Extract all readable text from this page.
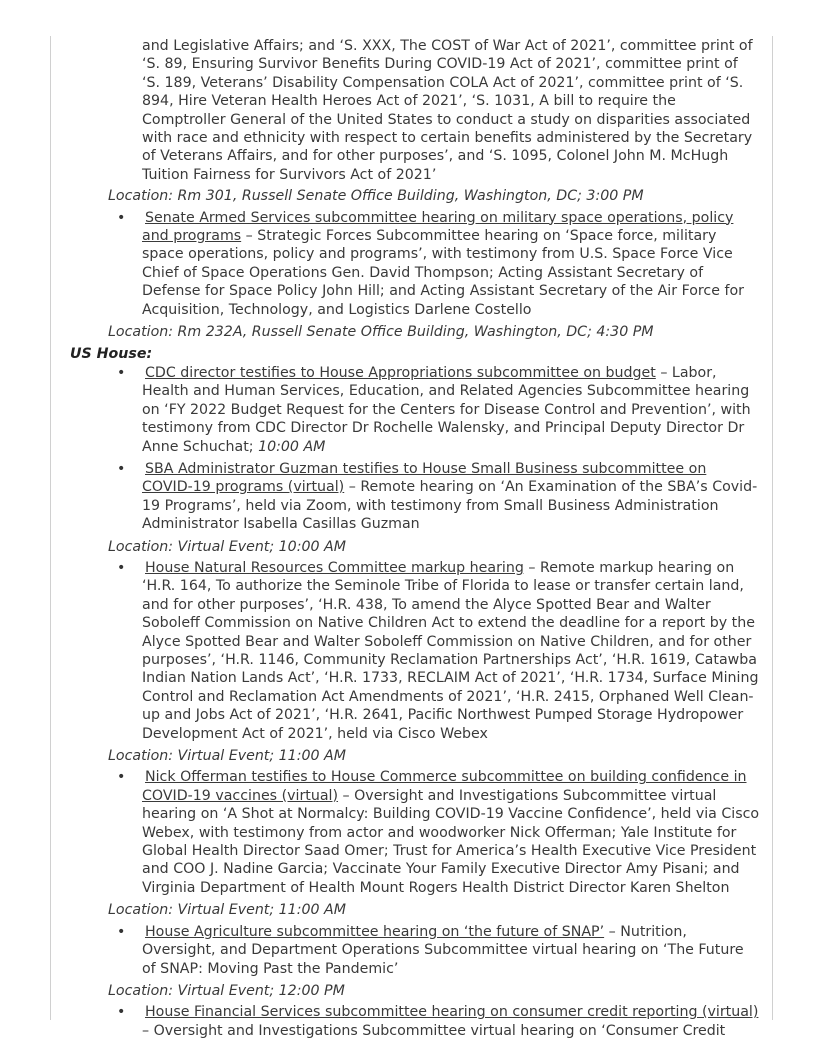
and Legislative Affairs; and ‘S. XXX, The COST of War Act of 2021’, committee print of ‘S. 89, Ensuring Survivor Benefits During COVID-19 Act of 2021’, committee print of ‘S. 189, Veterans’ Disability Compensation COLA Act of 2021’, committee print of ‘S. 894, Hire Veteran Health Heroes Act of 2021’, ‘S. 1031, A bill to require the Comptroller General of the United States to conduct a study on disparities associated with race and ethnicity with respect to certain benefits administered by the Secretary of Veterans Affairs, and for other purposes’, and ‘S. 1095, Colonel John M. McHugh Tuition Fairness for Survivors Act of 2021’
Location: Rm 301, Russell Senate Office Building, Washington, DC; 3:00 PM
• Senate Armed Services subcommittee hearing on military space operations, policy and programs – Strategic Forces Subcommittee hearing on ‘Space force, military space operations, policy and programs’, with testimony from U.S. Space Force Vice Chief of Space Operations Gen. David Thompson; Acting Assistant Secretary of Defense for Space Policy John Hill; and Acting Assistant Secretary of the Air Force for Acquisition, Technology, and Logistics Darlene Costello
Location: Rm 232A, Russell Senate Office Building, Washington, DC; 4:30 PM
US House:
• CDC director testifies to House Appropriations subcommittee on budget – Labor, Health and Human Services, Education, and Related Agencies Subcommittee hearing on ‘FY 2022 Budget Request for the Centers for Disease Control and Prevention’, with testimony from CDC Director Dr Rochelle Walensky, and Principal Deputy Director Dr Anne Schuchat; 10:00 AM
• SBA Administrator Guzman testifies to House Small Business subcommittee on COVID-19 programs (virtual) – Remote hearing on ‘An Examination of the SBA’s Covid-19 Programs’, held via Zoom, with testimony from Small Business Administration Administrator Isabella Casillas Guzman
Location: Virtual Event; 10:00 AM
• House Natural Resources Committee markup hearing – Remote markup hearing on ‘H.R. 164, To authorize the Seminole Tribe of Florida to lease or transfer certain land, and for other purposes’, ‘H.R. 438, To amend the Alyce Spotted Bear and Walter Soboleff Commission on Native Children Act to extend the deadline for a report by the Alyce Spotted Bear and Walter Soboleff Commission on Native Children, and for other purposes’, ‘H.R. 1146, Community Reclamation Partnerships Act’, ‘H.R. 1619, Catawba Indian Nation Lands Act’, ‘H.R. 1733, RECLAIM Act of 2021’, ‘H.R. 1734, Surface Mining Control and Reclamation Act Amendments of 2021’, ‘H.R. 2415, Orphaned Well Clean-up and Jobs Act of 2021’, ‘H.R. 2641, Pacific Northwest Pumped Storage Hydropower Development Act of 2021’, held via Cisco Webex
Location: Virtual Event; 11:00 AM
• Nick Offerman testifies to House Commerce subcommittee on building confidence in COVID-19 vaccines (virtual) – Oversight and Investigations Subcommittee virtual hearing on ‘A Shot at Normalcy: Building COVID-19 Vaccine Confidence’, held via Cisco Webex, with testimony from actor and woodworker Nick Offerman; Yale Institute for Global Health Director Saad Omer; Trust for America’s Health Executive Vice President and COO J. Nadine Garcia; Vaccinate Your Family Executive Director Amy Pisani; and Virginia Department of Health Mount Rogers Health District Director Karen Shelton
Location: Virtual Event; 11:00 AM
• House Agriculture subcommittee hearing on ‘the future of SNAP’ – Nutrition, Oversight, and Department Operations Subcommittee virtual hearing on ‘The Future of SNAP: Moving Past the Pandemic’
Location: Virtual Event; 12:00 PM
• House Financial Services subcommittee hearing on consumer credit reporting (virtual) – Oversight and Investigations Subcommittee virtual hearing on ‘Consumer Credit
